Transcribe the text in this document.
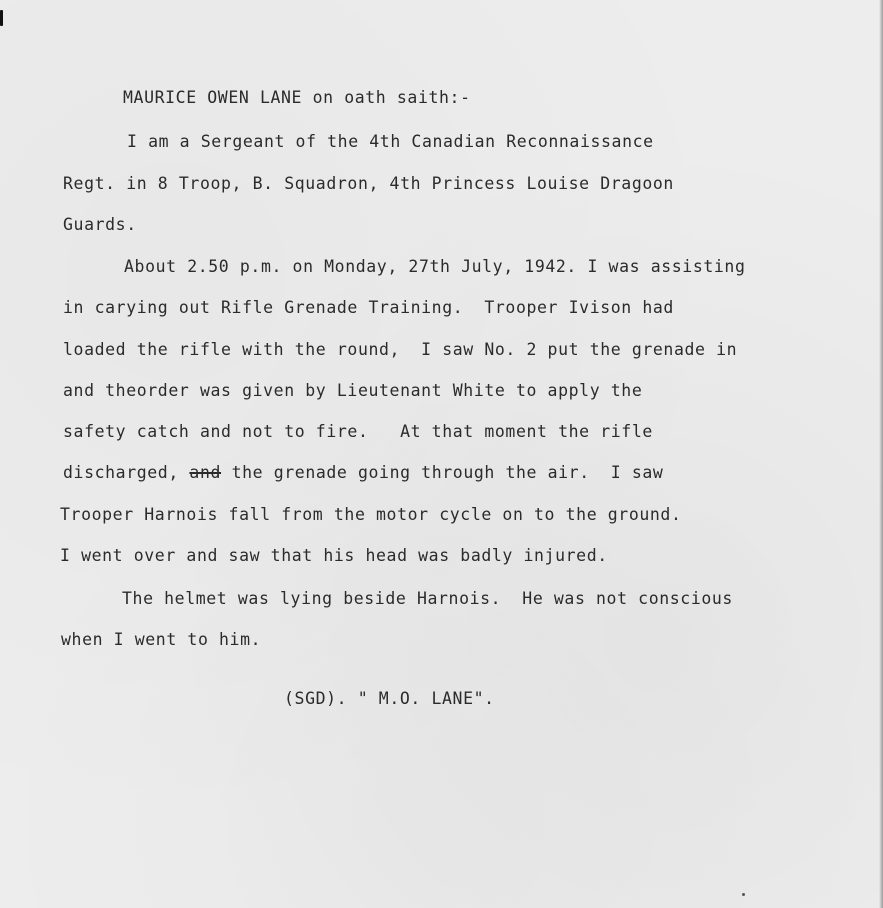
MAURICE OWEN LANE on oath saith:-
I am a Sergeant of the 4th Canadian Reconnaissance
Regt. in 8 Troop, B. Squadron, 4th Princess Louise Dragoon
Guards.
About 2.50 p.m. on Monday, 27th July, 1942. I was assisting
in carying out Rifle Grenade Training.  Trooper Ivison had
loaded the rifle with the round,  I saw No. 2 put the grenade in
and theorder was given by Lieutenant White to apply the
safety catch and not to fire.   At that moment the rifle
discharged, and the grenade going through the air.  I saw
Trooper Harnois fall from the motor cycle on to the ground.
I went over and saw that his head was badly injured.
The helmet was lying beside Harnois.  He was not conscious
when I went to him.
(SGD). " M.O. LANE".
